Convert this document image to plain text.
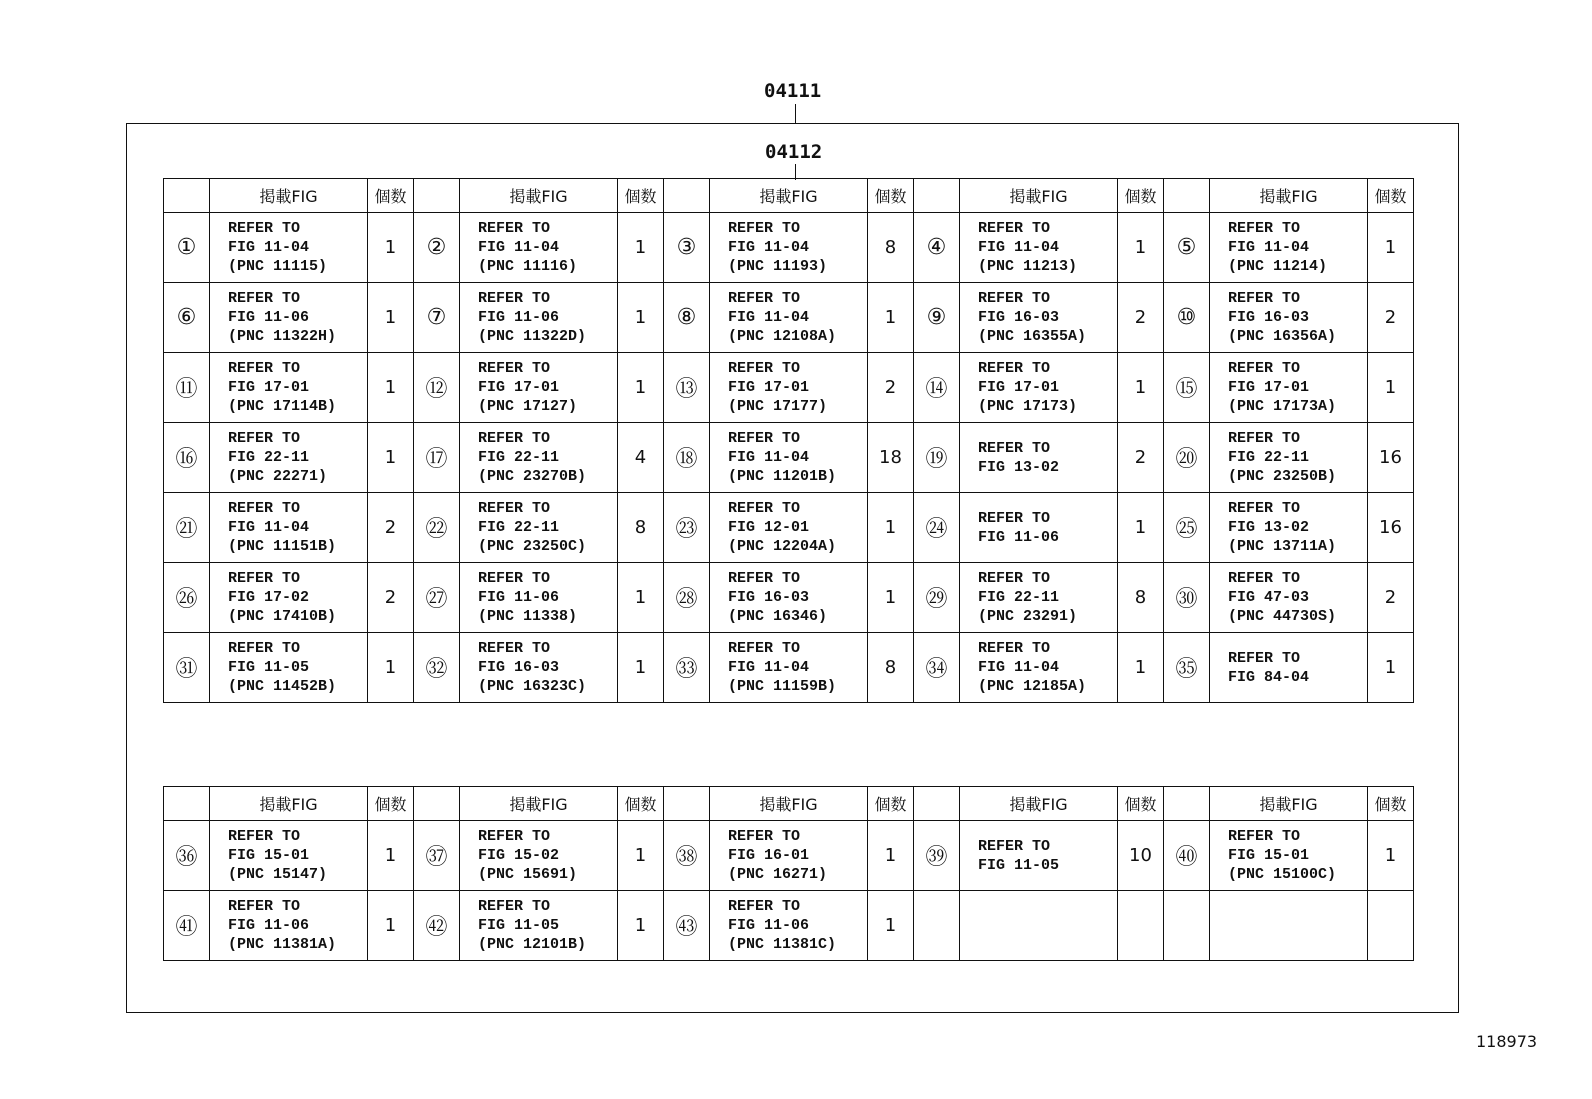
04111
04112
	掲載FIG	個数		掲載FIG	個数		掲載FIG	個数		掲載FIG	個数		掲載FIG	個数
①	REFER TO
FIG 11-04
(PNC 11115)	1	②	REFER TO
FIG 11-04
(PNC 11116)	1	③	REFER TO
FIG 11-04
(PNC 11193)	8	④	REFER TO
FIG 11-04
(PNC 11213)	1	⑤	REFER TO
FIG 11-04
(PNC 11214)	1
⑥	REFER TO
FIG 11-06
(PNC 11322H)	1	⑦	REFER TO
FIG 11-06
(PNC 11322D)	1	⑧	REFER TO
FIG 11-04
(PNC 12108A)	1	⑨	REFER TO
FIG 16-03
(PNC 16355A)	2	⑩	REFER TO
FIG 16-03
(PNC 16356A)	2
⑪	REFER TO
FIG 17-01
(PNC 17114B)	1	⑫	REFER TO
FIG 17-01
(PNC 17127)	1	⑬	REFER TO
FIG 17-01
(PNC 17177)	2	⑭	REFER TO
FIG 17-01
(PNC 17173)	1	⑮	REFER TO
FIG 17-01
(PNC 17173A)	1
⑯	REFER TO
FIG 22-11
(PNC 22271)	1	⑰	REFER TO
FIG 22-11
(PNC 23270B)	4	⑱	REFER TO
FIG 11-04
(PNC 11201B)	18	⑲	REFER TO
FIG 13-02	2	⑳	REFER TO
FIG 22-11
(PNC 23250B)	16
㉑	REFER TO
FIG 11-04
(PNC 11151B)	2	㉒	REFER TO
FIG 22-11
(PNC 23250C)	8	㉓	REFER TO
FIG 12-01
(PNC 12204A)	1	㉔	REFER TO
FIG 11-06	1	㉕	REFER TO
FIG 13-02
(PNC 13711A)	16
㉖	REFER TO
FIG 17-02
(PNC 17410B)	2	㉗	REFER TO
FIG 11-06
(PNC 11338)	1	㉘	REFER TO
FIG 16-03
(PNC 16346)	1	㉙	REFER TO
FIG 22-11
(PNC 23291)	8	㉚	REFER TO
FIG 47-03
(PNC 44730S)	2
㉛	REFER TO
FIG 11-05
(PNC 11452B)	1	㉜	REFER TO
FIG 16-03
(PNC 16323C)	1	㉝	REFER TO
FIG 11-04
(PNC 11159B)	8	㉞	REFER TO
FIG 11-04
(PNC 12185A)	1	㉟	REFER TO
FIG 84-04	1
	掲載FIG	個数		掲載FIG	個数		掲載FIG	個数		掲載FIG	個数		掲載FIG	個数
㊱	REFER TO
FIG 15-01
(PNC 15147)	1	㊲	REFER TO
FIG 15-02
(PNC 15691)	1	㊳	REFER TO
FIG 16-01
(PNC 16271)	1	㊴	REFER TO
FIG 11-05	10	㊵	REFER TO
FIG 15-01
(PNC 15100C)	1
㊶	REFER TO
FIG 11-06
(PNC 11381A)	1	㊷	REFER TO
FIG 11-05
(PNC 12101B)	1	㊸	REFER TO
FIG 11-06
(PNC 11381C)	1						
118973
